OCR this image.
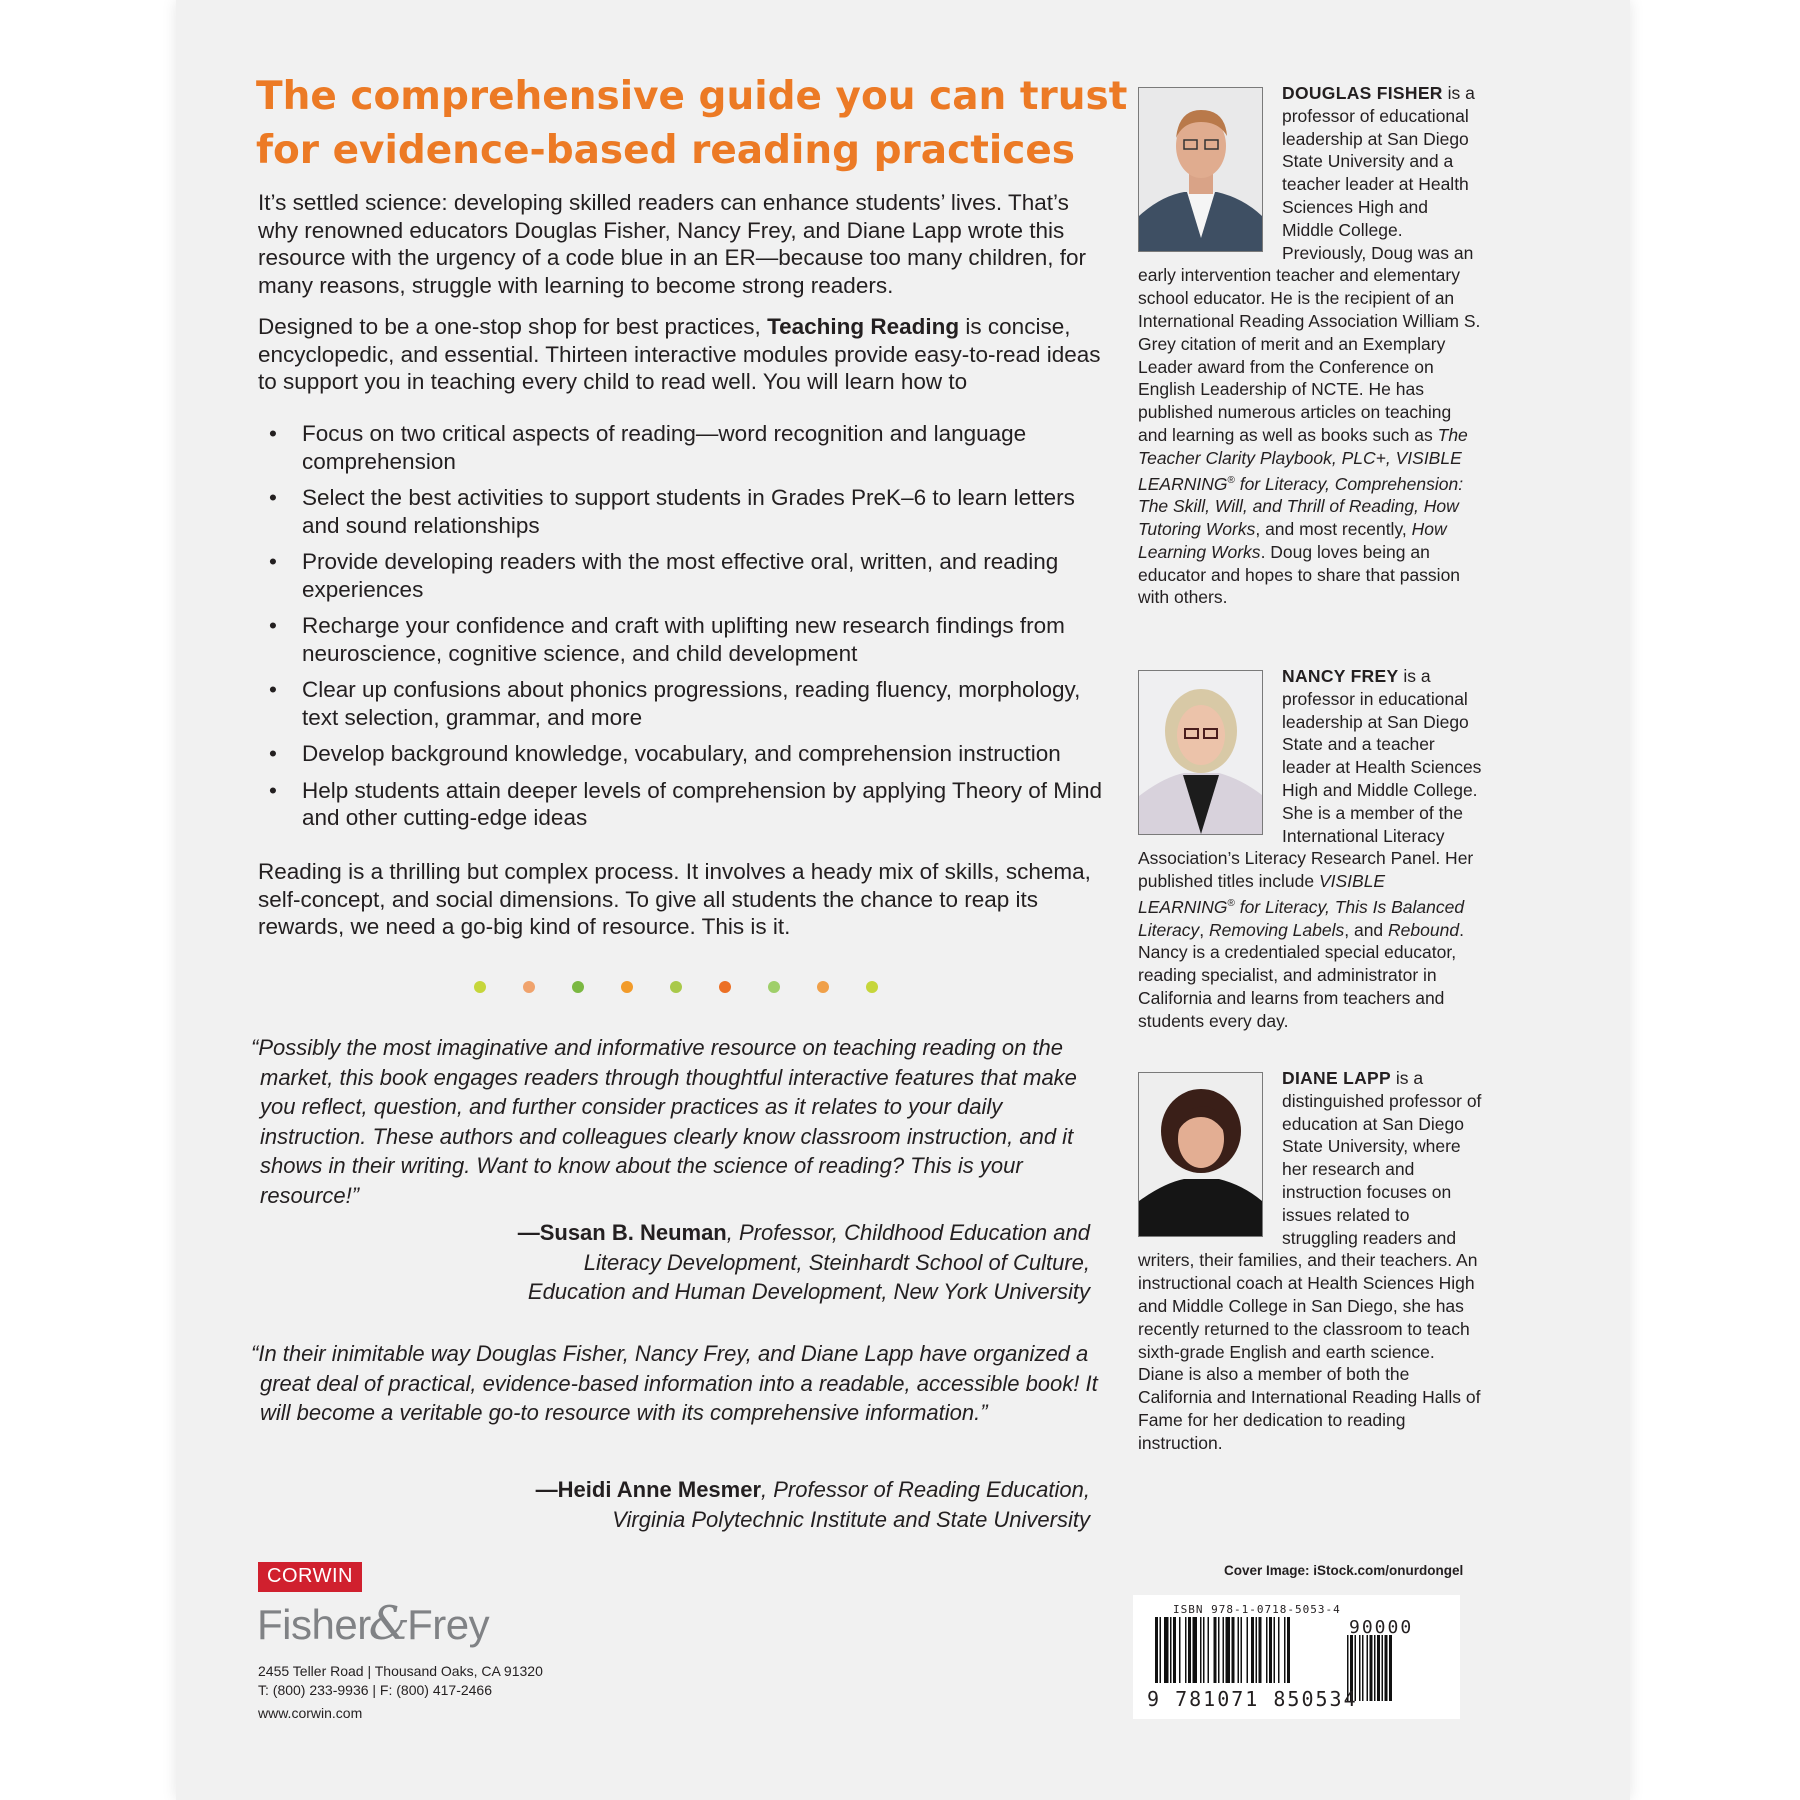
The comprehensive guide you can trust
for evidence-based reading practices

It’s settled science: developing skilled readers can enhance students’ lives. That’s why renowned educators Douglas Fisher, Nancy Frey, and Diane Lapp wrote this resource with the urgency of a code blue in an ER—because too many children, for many reasons, struggle with learning to become strong readers.

Designed to be a one-stop shop for best practices, Teaching Reading is concise, encyclopedic, and essential. Thirteen interactive modules provide easy-to-read ideas to support you in teaching every child to read well. You will learn how to

• Focus on two critical aspects of reading—word recognition and language comprehension
• Select the best activities to support students in Grades PreK–6 to learn letters and sound relationships
• Provide developing readers with the most effective oral, written, and reading experiences
• Recharge your confidence and craft with uplifting new research findings from neuroscience, cognitive science, and child development
• Clear up confusions about phonics progressions, reading fluency, morphology, text selection, grammar, and more
• Develop background knowledge, vocabulary, and comprehension instruction
• Help students attain deeper levels of comprehension by applying Theory of Mind and other cutting-edge ideas

Reading is a thrilling but complex process. It involves a heady mix of skills, schema, self-concept, and social dimensions. To give all students the chance to reap its rewards, we need a go-big kind of resource. This is it.

“Possibly the most imaginative and informative resource on teaching reading on the market, this book engages readers through thoughtful interactive features that make you reflect, question, and further consider practices as it relates to your daily instruction. These authors and colleagues clearly know classroom instruction, and it shows in their writing. Want to know about the science of reading? This is your resource!”

—Susan B. Neuman, Professor, Childhood Education and
Literacy Development, Steinhardt School of Culture,
Education and Human Development, New York University

“In their inimitable way Douglas Fisher, Nancy Frey, and Diane Lapp have organized a great deal of practical, evidence-based information into a readable, accessible book! It will become a veritable go-to resource with its comprehensive information.”

—Heidi Anne Mesmer, Professor of Reading Education,
Virginia Polytechnic Institute and State University
CORWIN
Fisher&Frey
2455 Teller Road | Thousand Oaks, CA 91320
T: (800) 233-9936 | F: (800) 417-2466
www.corwin.com

DOUGLAS FISHER is a professor of educational leadership at San Diego State University and a teacher leader at Health Sciences High and Middle College. Previously, Doug was an early intervention teacher and elementary school educator. He is the recipient of an International Reading Association William S. Grey citation of merit and an Exemplary Leader award from the Conference on English Leadership of NCTE. He has published numerous articles on teaching and learning as well as books such as The Teacher Clarity Playbook, PLC+, VISIBLE LEARNING® for Literacy, Comprehension: The Skill, Will, and Thrill of Reading, How Tutoring Works, and most recently, How Learning Works. Doug loves being an educator and hopes to share that passion with others.

NANCY FREY is a professor in educational leadership at San Diego State and a teacher leader at Health Sciences High and Middle College. She is a member of the International Literacy Association’s Literacy Research Panel. Her published titles include VISIBLE LEARNING® for Literacy, This Is Balanced Literacy, Removing Labels, and Rebound. Nancy is a credentialed special educator, reading specialist, and administrator in California and learns from teachers and students every day.

DIANE LAPP is a distinguished professor of education at San Diego State University, where her research and instruction focuses on issues related to struggling readers and writers, their families, and their teachers. An instructional coach at Health Sciences High and Middle College in San Diego, she has recently returned to the classroom to teach sixth-grade English and earth science. Diane is also a member of both the California and International Reading Halls of Fame for her dedication to reading instruction.

Cover Image: iStock.com/onurdongel
ISBN 978-1-0718-5053-4
9 781071 850534
90000
